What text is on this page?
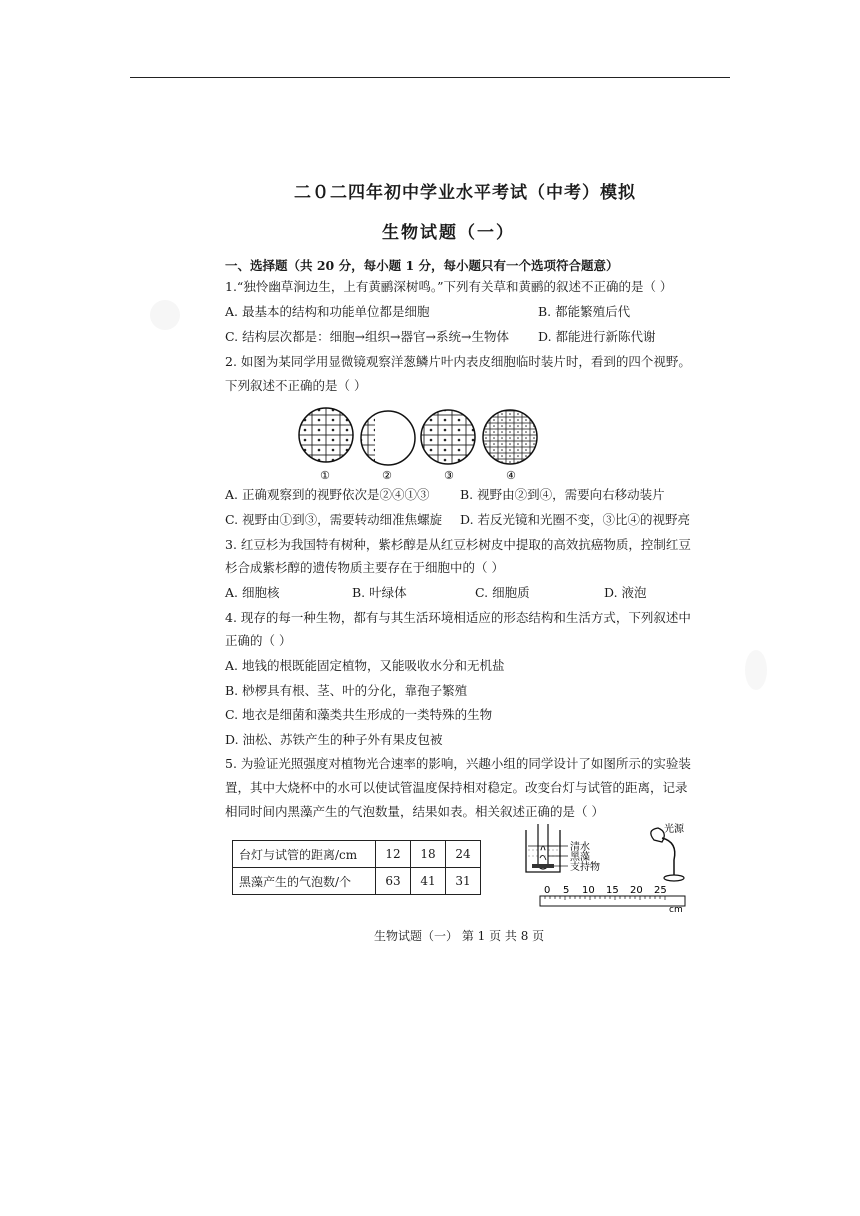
二０二四年初中学业水平考试（中考）模拟
生物试题（一）
一、选择题（共 20 分，每小题 1 分，每小题只有一个选项符合题意）
1.“独怜幽草涧边生，上有黄鹂深树鸣。”下列有关草和黄鹂的叙述不正确的是（ ）
A. 最基本的结构和功能单位都是细胞	B. 都能繁殖后代
C. 结构层次都是：细胞→组织→器官→系统→生物体 D. 都能进行新陈代谢
2. 如图为某同学用显微镜观察洋葱鳞片叶内表皮细胞临时装片时，看到的四个视野。
下列叙述不正确的是（ ）
①	②	③	④
A. 正确观察到的视野依次是②④①③ B. 视野由②到④，需要向右移动装片
C. 视野由①到③，需要转动细准焦螺旋 D. 若反光镜和光圈不变，③比④的视野亮
3. 红豆杉为我国特有树种，紫杉醇是从红豆杉树皮中提取的高效抗癌物质，控制红豆
杉合成紫杉醇的遗传物质主要存在于细胞中的（ ）
A. 细胞核	B. 叶绿体	C. 细胞质	D. 液泡
4. 现存的每一种生物，都有与其生活环境相适应的形态结构和生活方式，下列叙述中
正确的（ ）
A. 地钱的根既能固定植物，又能吸收水分和无机盐
B. 桫椤具有根、茎、叶的分化，靠孢子繁殖
C. 地衣是细菌和藻类共生形成的一类特殊的生物
D. 油松、苏铁产生的种子外有果皮包被
5. 为验证光照强度对植物光合速率的影响，兴趣小组的同学设计了如图所示的实验装
置，其中大烧杯中的水可以使试管温度保持相对稳定。改变台灯与试管的距离，记录
相同时间内黑藻产生的气泡数量，结果如表。相关叙述正确的是（ ）
台灯与试管的距离/cm	12	18	24
黑藻产生的气泡数/个	63	41	31
清水
黑藻
支持物
光源
0 5 10 15 20 25
cm
生物试题（一） 第 1 页 共 8 页
